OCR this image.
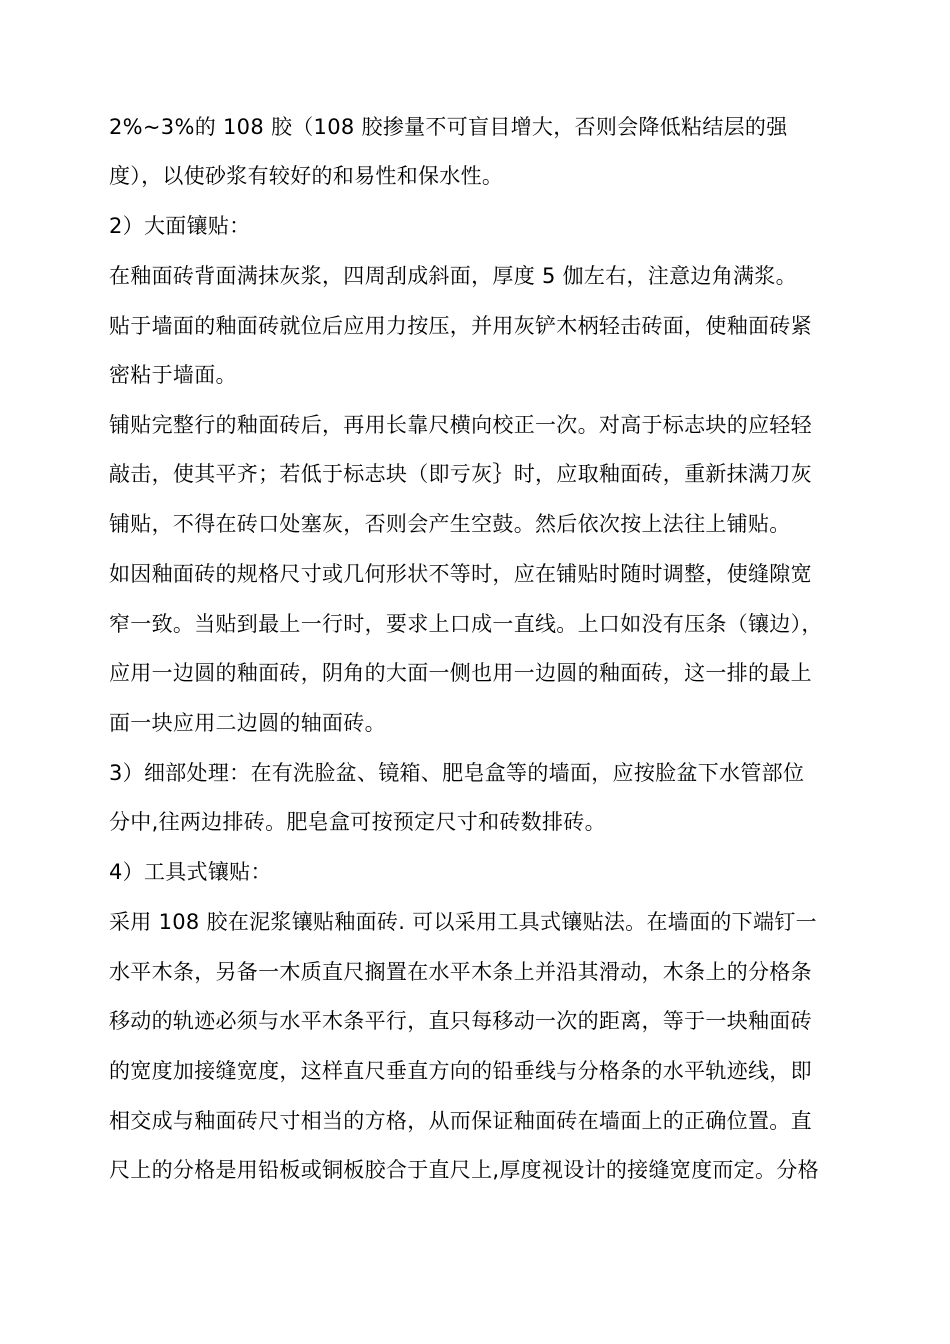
2%~3%的 108 胶（108 胶掺量不可盲目增大，否则会降低粘结层的强
度），以使砂浆有较好的和易性和保水性。
2）大面镶贴：
在釉面砖背面满抹灰浆，四周刮成斜面，厚度 5 伽左右，注意边角满浆。
贴于墙面的釉面砖就位后应用力按压，并用灰铲木柄轻击砖面，使釉面砖紧
密粘于墙面。
铺贴完整行的釉面砖后，再用长靠尺横向校正一次。对高于标志块的应轻轻
敲击，使其平齐；若低于标志块（即亏灰｝时，应取釉面砖，重新抹满刀灰
铺贴，不得在砖口处塞灰，否则会产生空鼓。然后依次按上法往上铺贴。
如因釉面砖的规格尺寸或几何形状不等时，应在铺贴时随时调整，使缝隙宽
窄一致。当贴到最上一行时，要求上口成一直线。上口如没有压条（镶边），
应用一边圆的釉面砖，阴角的大面一侧也用一边圆的釉面砖，这一排的最上
面一块应用二边圆的轴面砖。
3）细部处理：在有洗脸盆、镜箱、肥皂盒等的墙面，应按脸盆下水管部位
分中,往两边排砖。肥皂盒可按预定尺寸和砖数排砖。
4）工具式镶贴：
采用 108 胶在泥浆镶贴釉面砖. 可以采用工具式镶贴法。在墙面的下端钉一
水平木条，另备一木质直尺搁置在水平木条上并沿其滑动，木条上的分格条
移动的轨迹必须与水平木条平行，直只每移动一次的距离，等于一块釉面砖
的宽度加接缝宽度，这样直尺垂直方向的铅垂线与分格条的水平轨迹线，即
相交成与釉面砖尺寸相当的方格，从而保证釉面砖在墙面上的正确位置。直
尺上的分格是用铅板或铜板胶合于直尺上,厚度视设计的接缝宽度而定。分格
